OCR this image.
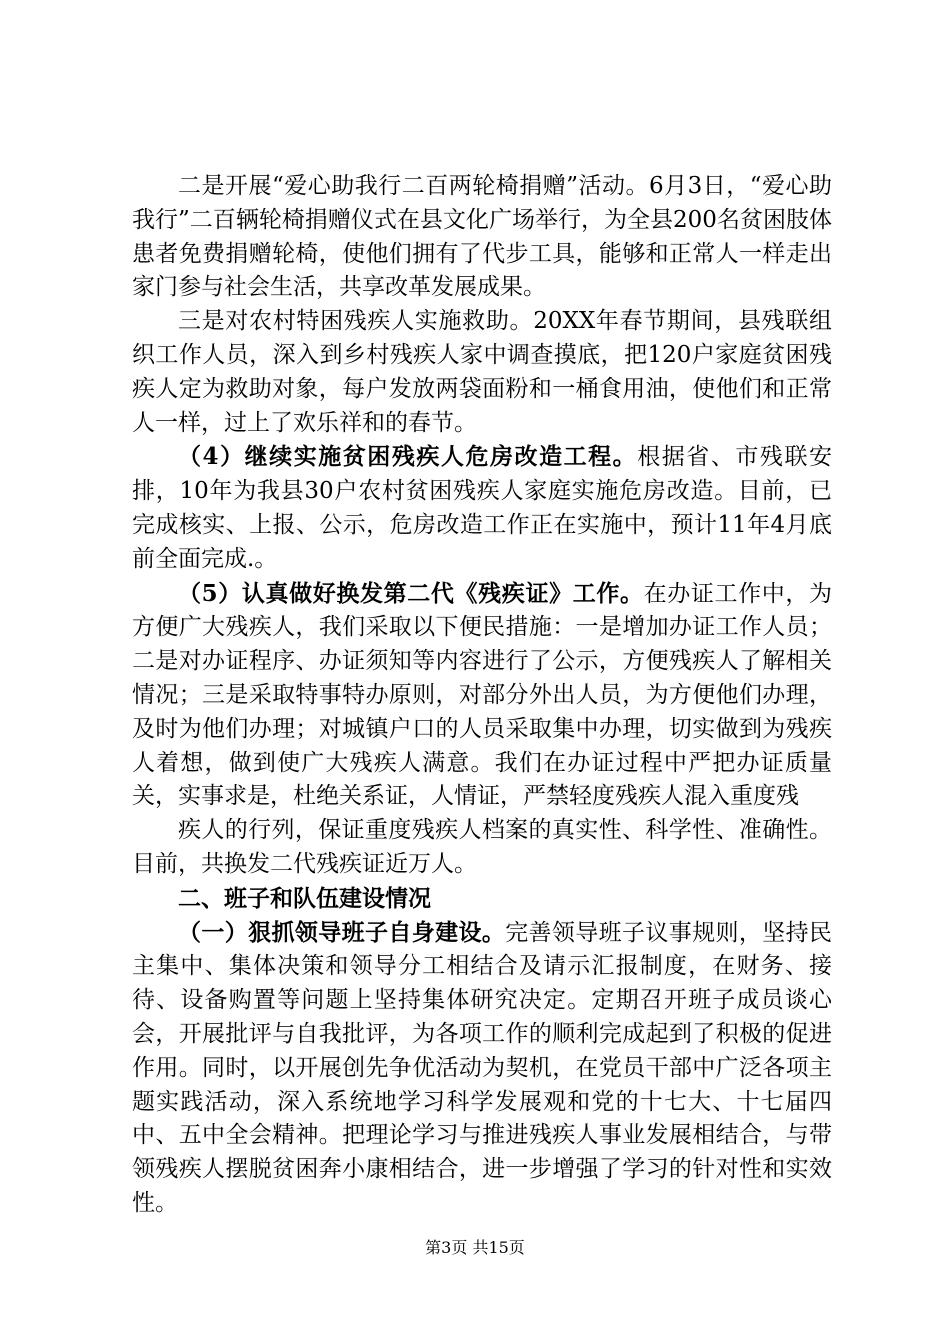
二是开展“爱心助我行二百两轮椅捐赠”活动。6月3日，“爱心助我行”二百辆轮椅捐赠仪式在县文化广场举行，为全县200名贫困肢体患者免费捐赠轮椅，使他们拥有了代步工具，能够和正常人一样走出家门参与社会生活，共享改革发展成果。

三是对农村特困残疾人实施救助。20XX年春节期间，县残联组织工作人员，深入到乡村残疾人家中调查摸底，把120户家庭贫困残疾人定为救助对象，每户发放两袋面粉和一桶食用油，使他们和正常人一样，过上了欢乐祥和的春节。

（4）继续实施贫困残疾人危房改造工程。根据省、市残联安排，10年为我县30户农村贫困残疾人家庭实施危房改造。目前，已完成核实、上报、公示，危房改造工作正在实施中，预计11年4月底前全面完成.。

（5）认真做好换发第二代《残疾证》工作。在办证工作中，为方便广大残疾人，我们采取以下便民措施：一是增加办证工作人员；二是对办证程序、办证须知等内容进行了公示，方便残疾人了解相关情况；三是采取特事特办原则，对部分外出人员，为方便他们办理，及时为他们办理；对城镇户口的人员采取集中办理，切实做到为残疾人着想，做到使广大残疾人满意。我们在办证过程中严把办证质量关，实事求是，杜绝关系证，人情证，严禁轻度残疾人混入重度残

疾人的行列，保证重度残疾人档案的真实性、科学性、准确性。目前，共换发二代残疾证近万人。

二、班子和队伍建设情况

（一）狠抓领导班子自身建设。完善领导班子议事规则，坚持民主集中、集体决策和领导分工相结合及请示汇报制度，在财务、接待、设备购置等问题上坚持集体研究决定。定期召开班子成员谈心会，开展批评与自我批评，为各项工作的顺利完成起到了积极的促进作用。同时，以开展创先争优活动为契机，在党员干部中广泛各项主题实践活动，深入系统地学习科学发展观和党的十七大、十七届四中、五中全会精神。把理论学习与推进残疾人事业发展相结合，与带领残疾人摆脱贫困奔小康相结合，进一步增强了学习的针对性和实效性。

第3页 共15页
